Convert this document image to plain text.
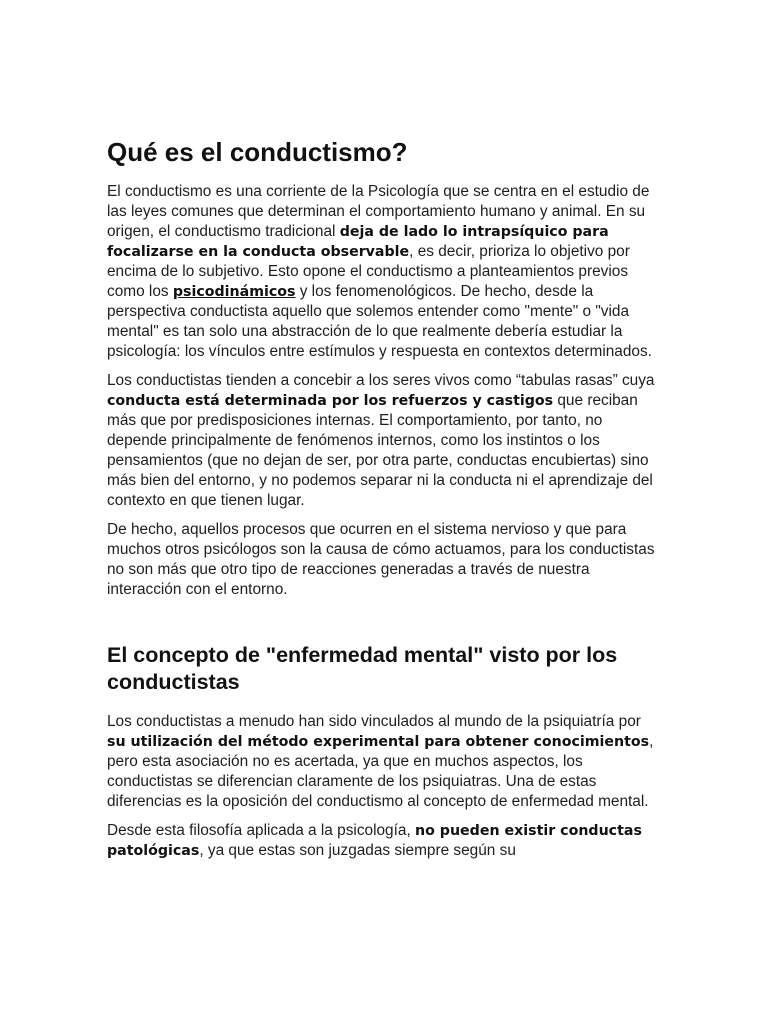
Qué es el conductismo?

El conductismo es una corriente de la Psicología que se centra en el estudio de las leyes comunes que determinan el comportamiento humano y animal. En su origen, el conductismo tradicional deja de lado lo intrapsíquico para focalizarse en la conducta observable, es decir, prioriza lo objetivo por encima de lo subjetivo. Esto opone el conductismo a planteamientos previos como los psicodinámicos y los fenomenológicos. De hecho, desde la perspectiva conductista aquello que solemos entender como "mente" o "vida mental" es tan solo una abstracción de lo que realmente debería estudiar la psicología: los vínculos entre estímulos y respuesta en contextos determinados.

Los conductistas tienden a concebir a los seres vivos como “tabulas rasas” cuya conducta está determinada por los refuerzos y castigos que reciban más que por predisposiciones internas. El comportamiento, por tanto, no depende principalmente de fenómenos internos, como los instintos o los pensamientos (que no dejan de ser, por otra parte, conductas encubiertas) sino más bien del entorno, y no podemos separar ni la conducta ni el aprendizaje del contexto en que tienen lugar.

De hecho, aquellos procesos que ocurren en el sistema nervioso y que para muchos otros psicólogos son la causa de cómo actuamos, para los conductistas no son más que otro tipo de reacciones generadas a través de nuestra interacción con el entorno.

El concepto de "enfermedad mental" visto por los conductistas

Los conductistas a menudo han sido vinculados al mundo de la psiquiatría por su utilización del método experimental para obtener conocimientos, pero esta asociación no es acertada, ya que en muchos aspectos, los conductistas se diferencian claramente de los psiquiatras. Una de estas diferencias es la oposición del conductismo al concepto de enfermedad mental.

Desde esta filosofía aplicada a la psicología, no pueden existir conductas patológicas, ya que estas son juzgadas siempre según su
